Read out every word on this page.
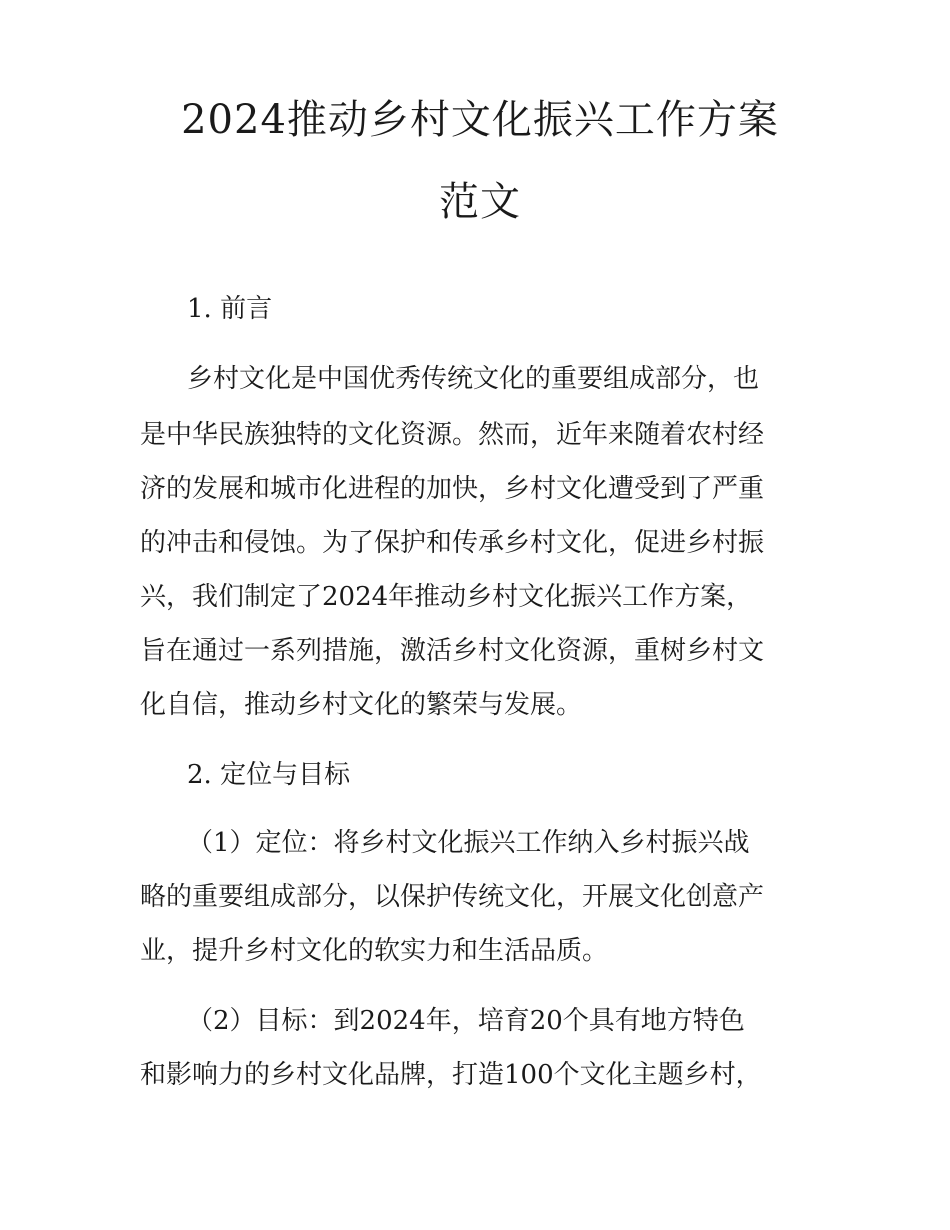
2024推动乡村文化振兴工作方案
范文

1. 前言

乡村文化是中国优秀传统文化的重要组成部分，也

是中华民族独特的文化资源。然而，近年来随着农村经

济的发展和城市化进程的加快，乡村文化遭受到了严重

的冲击和侵蚀。为了保护和传承乡村文化，促进乡村振

兴，我们制定了2024年推动乡村文化振兴工作方案，

旨在通过一系列措施，激活乡村文化资源，重树乡村文

化自信，推动乡村文化的繁荣与发展。

2. 定位与目标

（1）定位：将乡村文化振兴工作纳入乡村振兴战

略的重要组成部分，以保护传统文化，开展文化创意产

业，提升乡村文化的软实力和生活品质。

（2）目标：到2024年，培育20个具有地方特色

和影响力的乡村文化品牌，打造100个文化主题乡村，
